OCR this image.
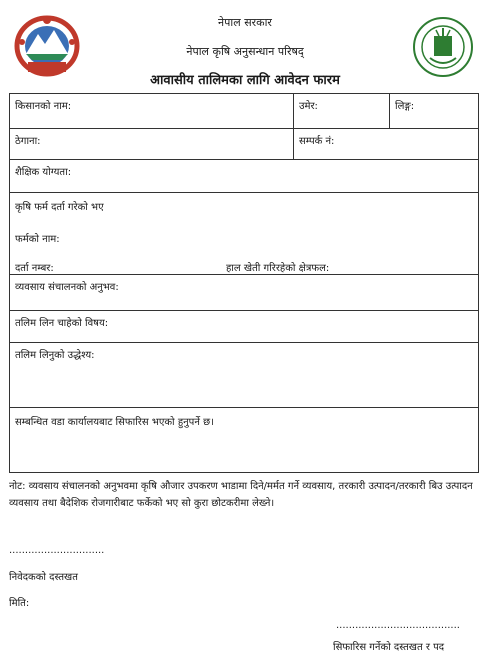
नेपाल सरकार
नेपाल कृषि अनुसन्धान परिषद्
आवासीय तालिमका लागि आवेदन फारम
किसानको नाम:	उमेर:	लिङ्ग:
ठेगाना:	सम्पर्क नं:
शैक्षिक योग्यता:
कृषि फर्म दर्ता गरेको भए
फर्मको नाम:
दर्ता नम्बर:	हाल खेती गरिरहेको क्षेत्रफल:
व्यवसाय संचालनको अनुभव:
तलिम लिन चाहेको विषय:
तलिम लिनुको उद्धेश्य:
सम्बन्धित वडा कार्यालयबाट सिफारिस भएको हुनुपर्ने छ।
नोट: व्यवसाय संचालनको अनुभवमा कृषि औजार उपकरण भाडामा दिने/मर्मत गर्ने व्यवसाय, तरकारी उत्पादन/तरकारी बिउ उत्पादन व्यवसाय तथा बैदेशिक रोजगारीबाट फर्केको भए सो कुरा छोटकरीमा लेख्ने।
..............................
निवेदकको दस्तखत
मिति:
.......................................
सिफारिस गर्नेको दस्तखत र पद
